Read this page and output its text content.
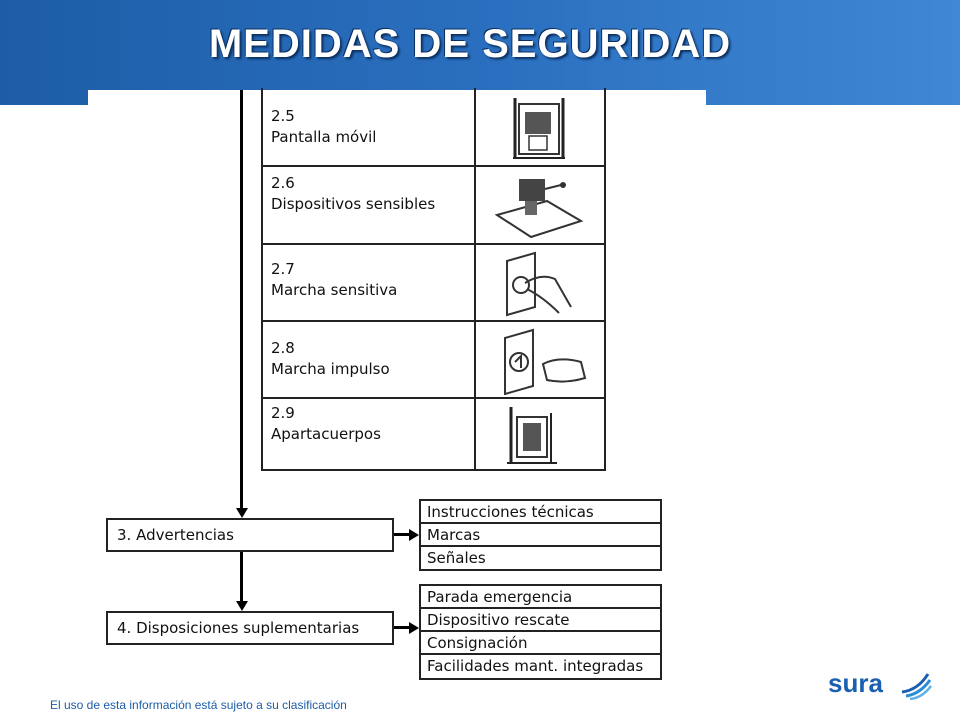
MEDIDAS DE SEGURIDAD
2.5
Pantalla móvil
2.6
Dispositivos sensibles
2.7
Marcha sensitiva
2.8
Marcha impulso
2.9
Apartacuerpos
3. Advertencias
Instrucciones técnicas
Marcas
Señales
4. Disposiciones suplementarias
Parada emergencia
Dispositivo rescate
Consignación
Facilidades mant. integradas
El uso de esta información está sujeto a su clasificación
sura
